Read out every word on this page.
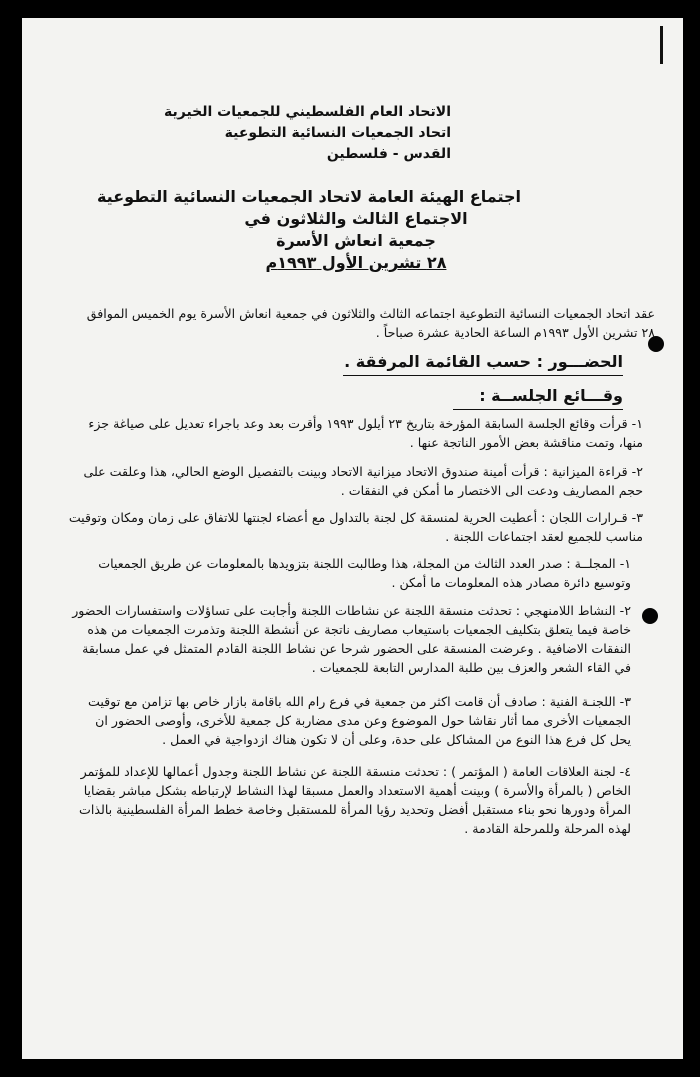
الاتحاد العام الفلسطيني للجمعيات الخيرية
اتحاد الجمعيات النسائية التطوعية
القدس - فلسطين
اجتماع الهيئة العامة لاتحاد الجمعيات النسائية التطوعية
الاجتماع الثالث والثلاثون في
جمعية انعاش الأسرة
٢٨ تشرين الأول ١٩٩٣م
عقد اتحاد الجمعيات النسائية التطوعية اجتماعه الثالث والثلاثون في جمعية انعاش الأسرة يوم الخميس الموافق ٢٨ تشرين الأول ١٩٩٣م الساعة الحادية عشرة صباحاً .
الحضـــور : حسب القائمة المرفقة .
وقـــائع الجلســة :
١- قرأت وقائع الجلسة السابقة المؤرخة بتاريخ ٢٣ أيلول ١٩٩٣ وأقرت بعد وعد باجراء تعديل على صياغة جزء منها، وتمت مناقشة بعض الأمور الناتجة عنها .
٢- قراءة الميزانية : قرأت أمينة صندوق الاتحاد ميزانية الاتحاد وبينت بالتفصيل الوضع الحالي، هذا وعلقت على حجم المصاريف ودعت الى الاختصار ما أمكن في النفقات .
٣- قـرارات اللجان : أعطيت الحرية لمنسقة كل لجنة بالتداول مع أعضاء لجنتها للاتفاق على زمان ومكان وتوقيت مناسب للجميع لعقد اجتماعات اللجنة .
١- المجلــة : صدر العدد الثالث من المجلة، هذا وطالبت اللجنة بتزويدها بالمعلومات عن طريق الجمعيات وتوسيع دائرة مصادر هذه المعلومات ما أمكن .
٢- النشاط اللامنهجي : تحدثت منسقة اللجنة عن نشاطات اللجنة وأجابت على تساؤلات واستفسارات الحضور خاصة فيما يتعلق بتكليف الجمعيات باستيعاب مصاريف ناتجة عن أنشطة اللجنة وتذمرت الجمعيات من هذه النفقات الاضافية . وعرضت المنسقة على الحضور شرحا عن نشاط اللجنة القادم المتمثل في عمل مسابقة في القاء الشعر والعزف بين طلبة المدارس التابعة للجمعيات .
٣- اللجنـة الفنية : صادف أن قامت اكثر من جمعية في فرع رام الله باقامة بازار خاص بها تزامن مع توقيت الجمعيات الأخرى مما أثار نقاشا حول الموضوع وعن مدى مضاربة كل جمعية للأخرى، وأوصى الحضور ان يحل كل فرع هذا النوع من المشاكل على حدة، وعلى أن لا تكون هناك ازدواجية في العمل .
٤- لجنة العلاقات العامة ( المؤتمر ) : تحدثت منسقة اللجنة عن نشاط اللجنة وجدول أعمالها للإعداد للمؤتمر الخاص ( بالمرأة والأسرة ) وبينت أهمية الاستعداد والعمل مسبقا لهذا النشاط لإرتباطه بشكل مباشر بقضايا المرأة ودورها نحو بناء مستقبل أفضل وتحديد رؤيا المرأة للمستقبل وخاصة خطط المرأة الفلسطينية بالذات لهذه المرحلة وللمرحلة القادمة .
